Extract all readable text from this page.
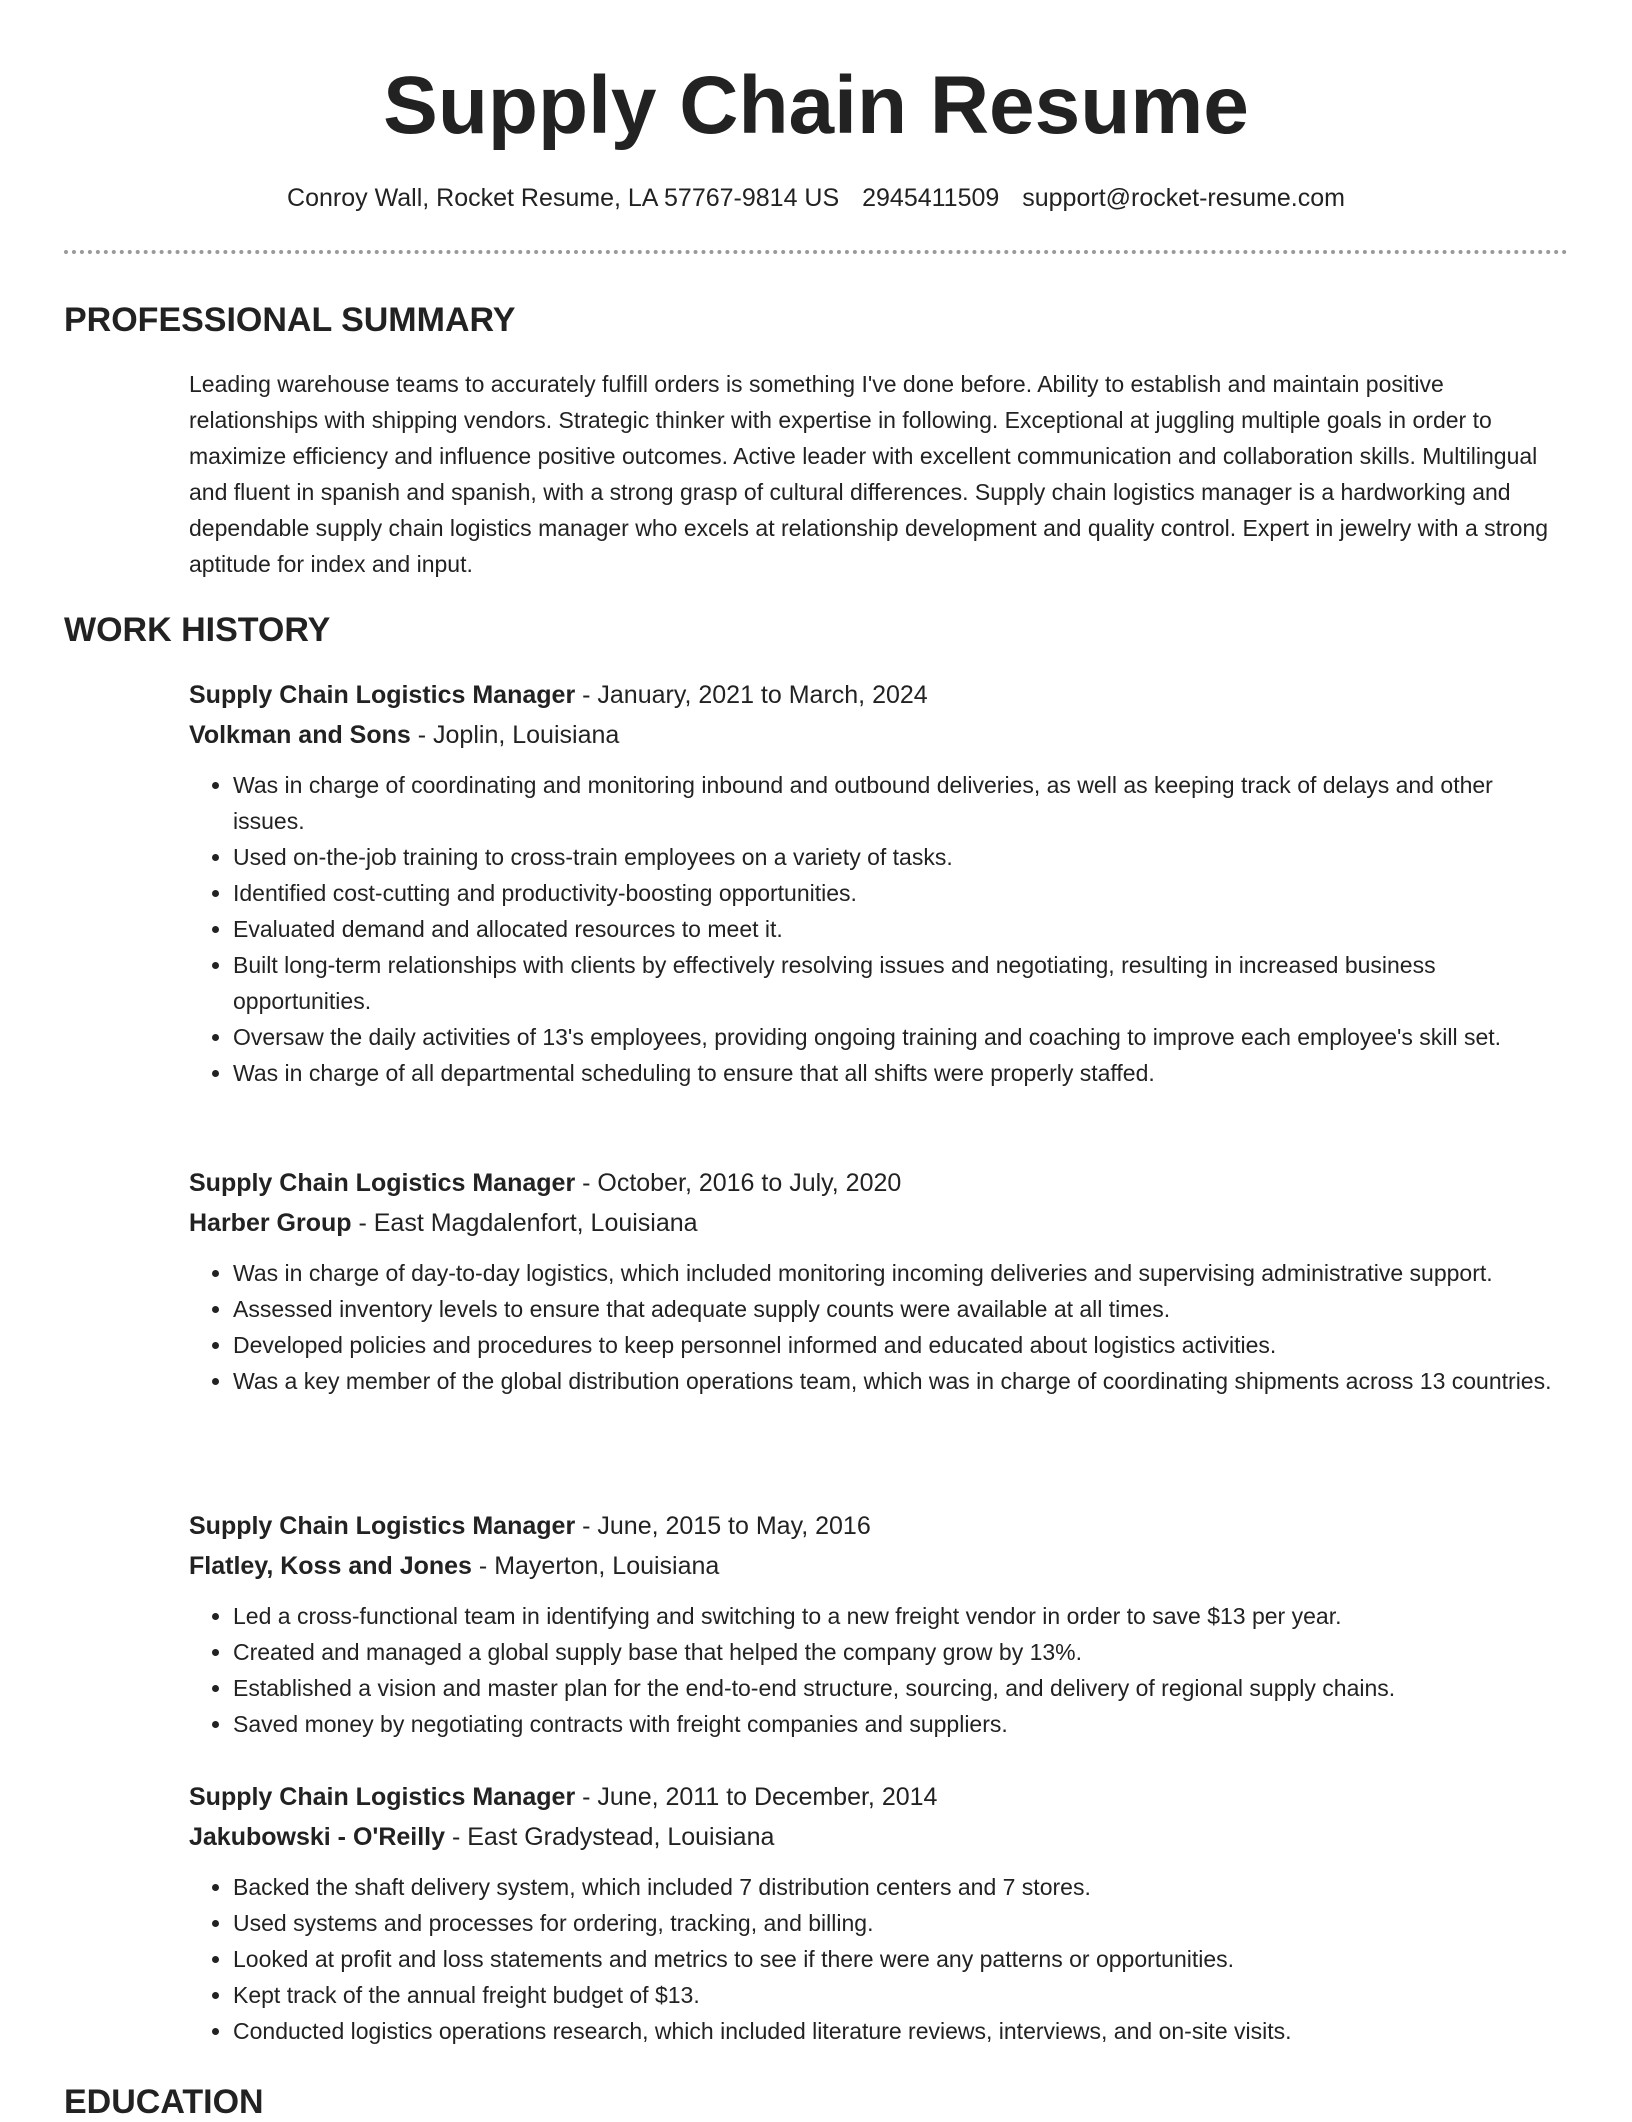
Supply Chain Resume
Conroy Wall, Rocket Resume, LA 57767-9814 US 2945411509 support@rocket-resume.com
PROFESSIONAL SUMMARY

Leading warehouse teams to accurately fulfill orders is something I've done before. Ability to establish and maintain positive relationships with shipping vendors. Strategic thinker with expertise in following. Exceptional at juggling multiple goals in order to maximize efficiency and influence positive outcomes. Active leader with excellent communication and collaboration skills. Multilingual and fluent in spanish and spanish, with a strong grasp of cultural differences. Supply chain logistics manager is a hardworking and dependable supply chain logistics manager who excels at relationship development and quality control. Expert in jewelry with a strong aptitude for index and input.

WORK HISTORY
Supply Chain Logistics Manager - January, 2021 to March, 2024
Volkman and Sons - Joplin, Louisiana
• Was in charge of coordinating and monitoring inbound and outbound deliveries, as well as keeping track of delays and other issues.
• Used on-the-job training to cross-train employees on a variety of tasks.
• Identified cost-cutting and productivity-boosting opportunities.
• Evaluated demand and allocated resources to meet it.
• Built long-term relationships with clients by effectively resolving issues and negotiating, resulting in increased business opportunities.
• Oversaw the daily activities of 13's employees, providing ongoing training and coaching to improve each employee's skill set.
• Was in charge of all departmental scheduling to ensure that all shifts were properly staffed.
Supply Chain Logistics Manager - October, 2016 to July, 2020
Harber Group - East Magdalenfort, Louisiana
• Was in charge of day-to-day logistics, which included monitoring incoming deliveries and supervising administrative support.
• Assessed inventory levels to ensure that adequate supply counts were available at all times.
• Developed policies and procedures to keep personnel informed and educated about logistics activities.
• Was a key member of the global distribution operations team, which was in charge of coordinating shipments across 13 countries.
Supply Chain Logistics Manager - June, 2015 to May, 2016
Flatley, Koss and Jones - Mayerton, Louisiana
• Led a cross-functional team in identifying and switching to a new freight vendor in order to save $13 per year.
• Created and managed a global supply base that helped the company grow by 13%.
• Established a vision and master plan for the end-to-end structure, sourcing, and delivery of regional supply chains.
• Saved money by negotiating contracts with freight companies and suppliers.
Supply Chain Logistics Manager - June, 2011 to December, 2014
Jakubowski - O'Reilly - East Gradystead, Louisiana
• Backed the shaft delivery system, which included 7 distribution centers and 7 stores.
• Used systems and processes for ordering, tracking, and billing.
• Looked at profit and loss statements and metrics to see if there were any patterns or opportunities.
• Kept track of the annual freight budget of $13.
• Conducted logistics operations research, which included literature reviews, interviews, and on-site visits.
EDUCATION
